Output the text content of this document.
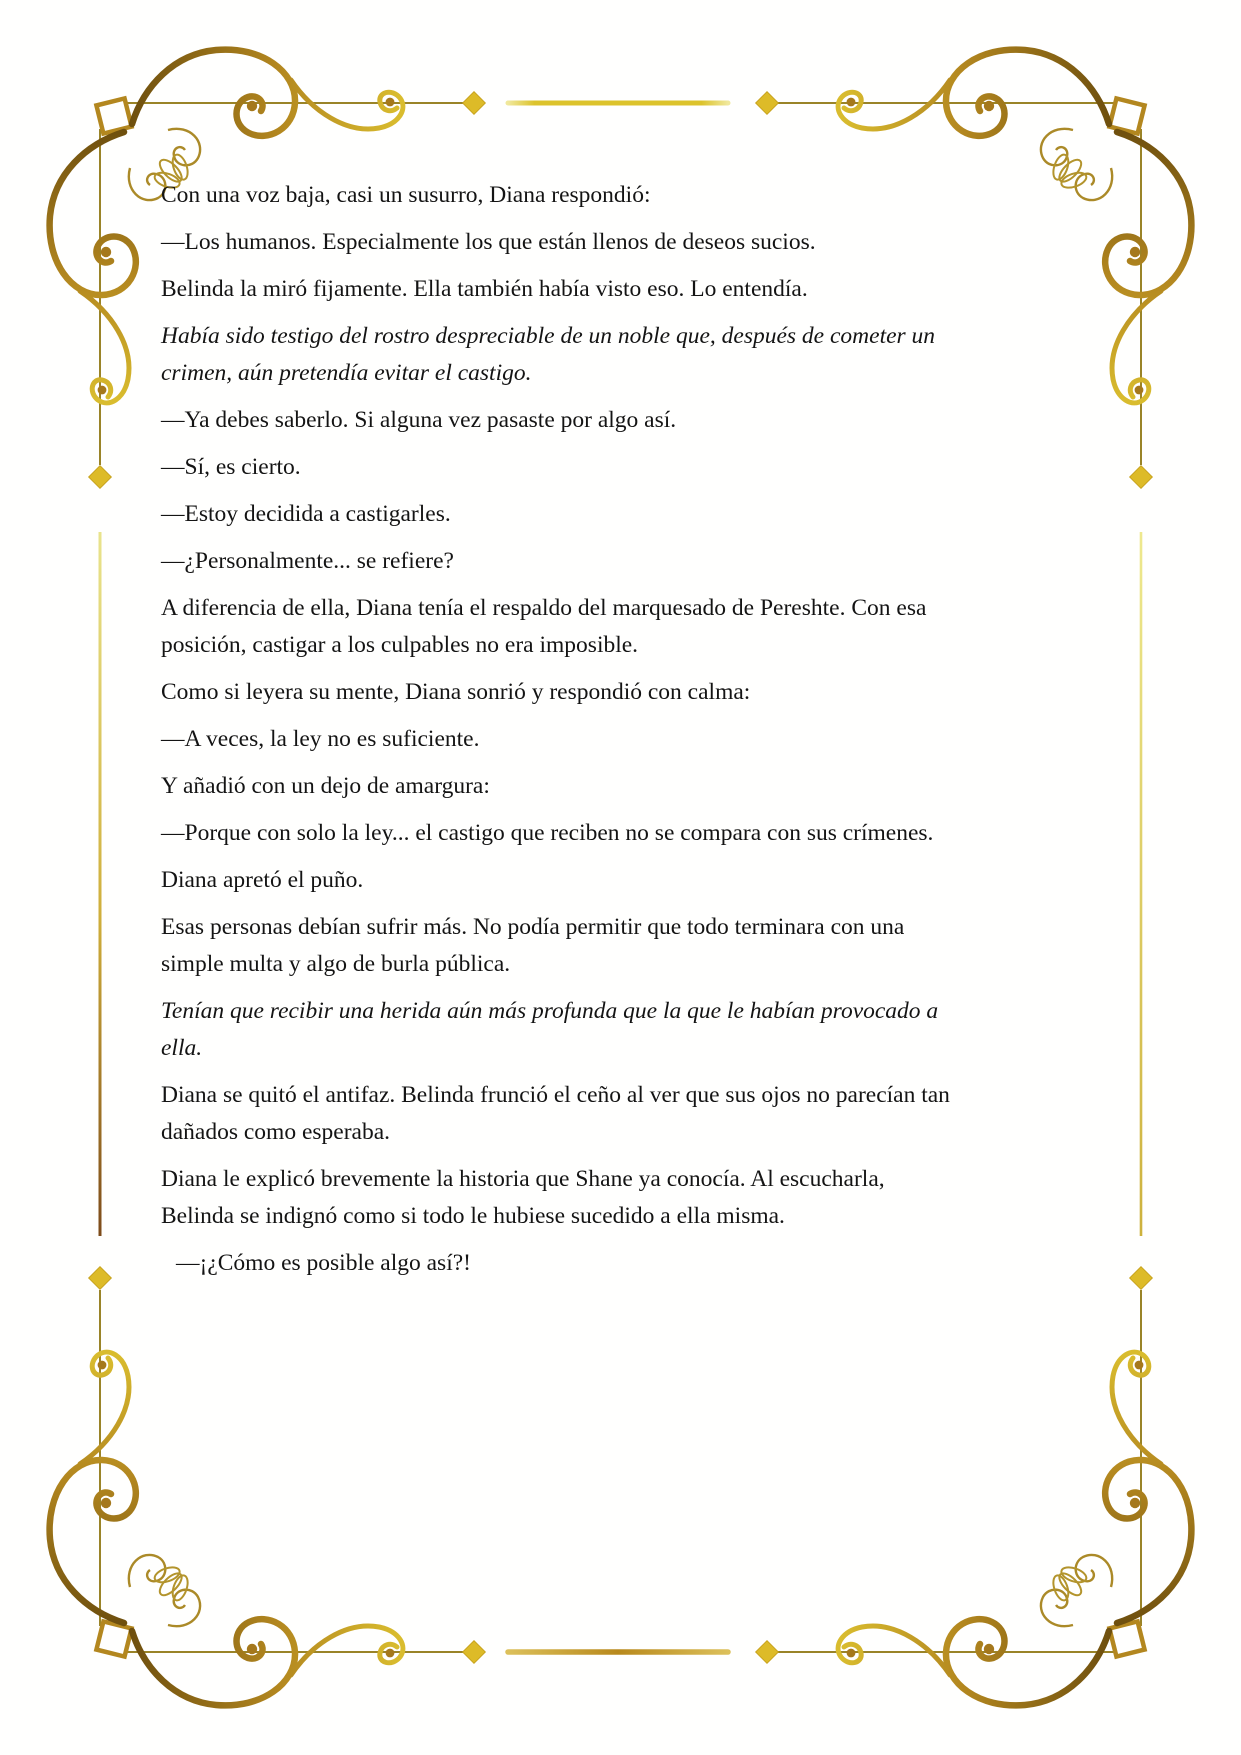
Con una voz baja, casi un susurro, Diana respondió:

—Los humanos. Especialmente los que están llenos de deseos sucios.

Belinda la miró fijamente. Ella también había visto eso. Lo entendía.

Había sido testigo del rostro despreciable de un noble que, después de cometer un crimen, aún pretendía evitar el castigo.

—Ya debes saberlo. Si alguna vez pasaste por algo así.

—Sí, es cierto.

—Estoy decidida a castigarles.

—¿Personalmente... se refiere?

A diferencia de ella, Diana tenía el respaldo del marquesado de Pereshte. Con esa posición, castigar a los culpables no era imposible.

Como si leyera su mente, Diana sonrió y respondió con calma:

—A veces, la ley no es suficiente.

Y añadió con un dejo de amargura:

—Porque con solo la ley... el castigo que reciben no se compara con sus crímenes.

Diana apretó el puño.

Esas personas debían sufrir más. No podía permitir que todo terminara con una simple multa y algo de burla pública.

Tenían que recibir una herida aún más profunda que la que le habían provocado a ella.

Diana se quitó el antifaz. Belinda frunció el ceño al ver que sus ojos no parecían tan dañados como esperaba.

Diana le explicó brevemente la historia que Shane ya conocía. Al escucharla, Belinda se indignó como si todo le hubiese sucedido a ella misma.

—¡¿Cómo es posible algo así?!
